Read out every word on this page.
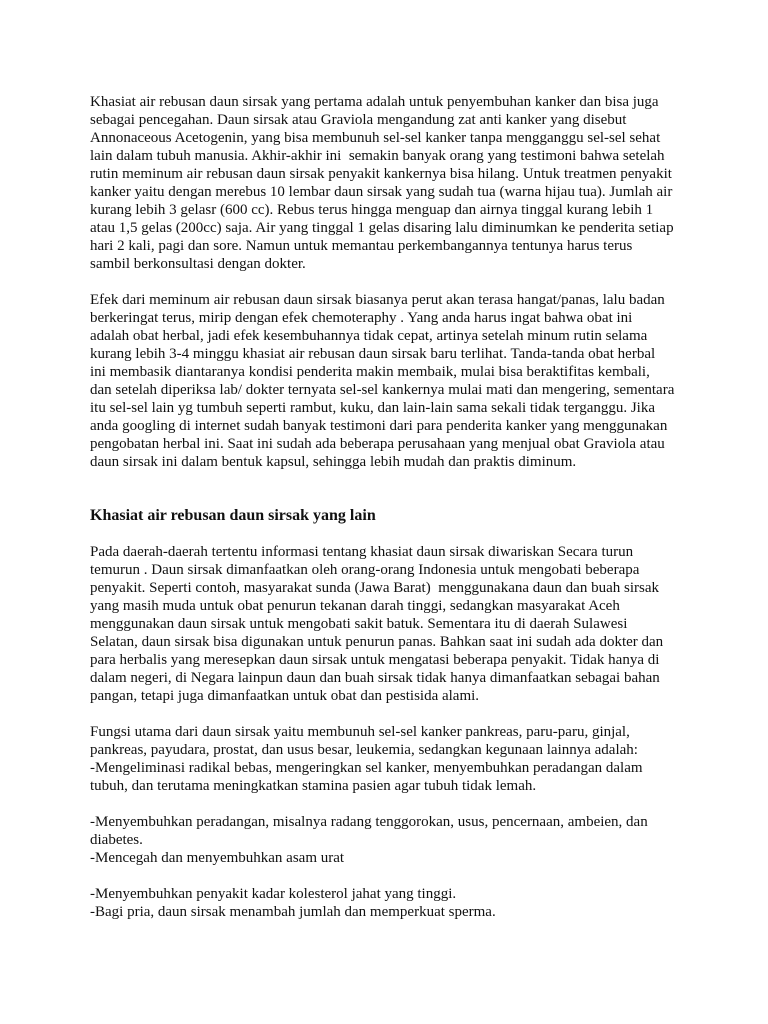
Khasiat air rebusan daun sirsak yang pertama adalah untuk penyembuhan kanker dan bisa juga
sebagai pencegahan. Daun sirsak atau Graviola mengandung zat anti kanker yang disebut
Annonaceous Acetogenin, yang bisa membunuh sel-sel kanker tanpa mengganggu sel-sel sehat
lain dalam tubuh manusia. Akhir-akhir ini  semakin banyak orang yang testimoni bahwa setelah
rutin meminum air rebusan daun sirsak penyakit kankernya bisa hilang. Untuk treatmen penyakit
kanker yaitu dengan merebus 10 lembar daun sirsak yang sudah tua (warna hijau tua). Jumlah air
kurang lebih 3 gelasr (600 cc). Rebus terus hingga menguap dan airnya tinggal kurang lebih 1
atau 1,5 gelas (200cc) saja. Air yang tinggal 1 gelas disaring lalu diminumkan ke penderita setiap
hari 2 kali, pagi dan sore. Namun untuk memantau perkembangannya tentunya harus terus
sambil berkonsultasi dengan dokter.

Efek dari meminum air rebusan daun sirsak biasanya perut akan terasa hangat/panas, lalu badan
berkeringat terus, mirip dengan efek chemoteraphy . Yang anda harus ingat bahwa obat ini
adalah obat herbal, jadi efek kesembuhannya tidak cepat, artinya setelah minum rutin selama
kurang lebih 3-4 minggu khasiat air rebusan daun sirsak baru terlihat. Tanda-tanda obat herbal
ini membasik diantaranya kondisi penderita makin membaik, mulai bisa beraktifitas kembali,
dan setelah diperiksa lab/ dokter ternyata sel-sel kankernya mulai mati dan mengering, sementara
itu sel-sel lain yg tumbuh seperti rambut, kuku, dan lain-lain sama sekali tidak terganggu. Jika
anda googling di internet sudah banyak testimoni dari para penderita kanker yang menggunakan
pengobatan herbal ini. Saat ini sudah ada beberapa perusahaan yang menjual obat Graviola atau
daun sirsak ini dalam bentuk kapsul, sehingga lebih mudah dan praktis diminum.

Khasiat air rebusan daun sirsak yang lain

Pada daerah-daerah tertentu informasi tentang khasiat daun sirsak diwariskan Secara turun
temurun . Daun sirsak dimanfaatkan oleh orang-orang Indonesia untuk mengobati beberapa
penyakit. Seperti contoh, masyarakat sunda (Jawa Barat)  menggunakana daun dan buah sirsak
yang masih muda untuk obat penurun tekanan darah tinggi, sedangkan masyarakat Aceh
menggunakan daun sirsak untuk mengobati sakit batuk. Sementara itu di daerah Sulawesi
Selatan, daun sirsak bisa digunakan untuk penurun panas. Bahkan saat ini sudah ada dokter dan
para herbalis yang meresepkan daun sirsak untuk mengatasi beberapa penyakit. Tidak hanya di
dalam negeri, di Negara lainpun daun dan buah sirsak tidak hanya dimanfaatkan sebagai bahan
pangan, tetapi juga dimanfaatkan untuk obat dan pestisida alami.

Fungsi utama dari daun sirsak yaitu membunuh sel-sel kanker pankreas, paru-paru, ginjal,
pankreas, payudara, prostat, dan usus besar, leukemia, sedangkan kegunaan lainnya adalah:
-Mengeliminasi radikal bebas, mengeringkan sel kanker, menyembuhkan peradangan dalam
tubuh, dan terutama meningkatkan stamina pasien agar tubuh tidak lemah.

-Menyembuhkan peradangan, misalnya radang tenggorokan, usus, pencernaan, ambeien, dan
diabetes.
-Mencegah dan menyembuhkan asam urat

-Menyembuhkan penyakit kadar kolesterol jahat yang tinggi.
-Bagi pria, daun sirsak menambah jumlah dan memperkuat sperma.
